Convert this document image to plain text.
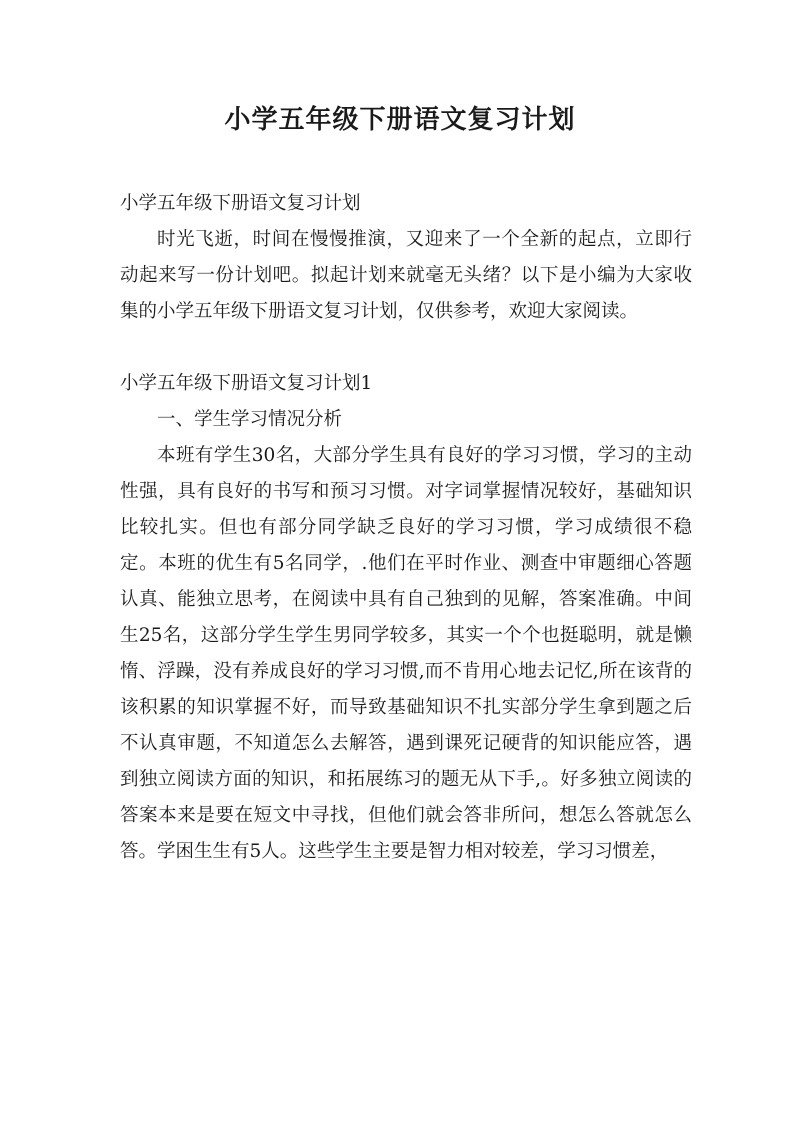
小学五年级下册语文复习计划

小学五年级下册语文复习计划

时光飞逝，时间在慢慢推演，又迎来了一个全新的起点，立即行动起来写一份计划吧。拟起计划来就毫无头绪？以下是小编为大家收集的小学五年级下册语文复习计划，仅供参考，欢迎大家阅读。

小学五年级下册语文复习计划1

一、学生学习情况分析

本班有学生30名，大部分学生具有良好的学习习惯，学习的主动性强，具有良好的书写和预习习惯。对字词掌握情况较好，基础知识比较扎实。但也有部分同学缺乏良好的学习习惯，学习成绩很不稳定。本班的优生有5名同学，.他们在平时作业、测查中审题细心答题认真、能独立思考，在阅读中具有自己独到的见解，答案准确。中间生25名，这部分学生学生男同学较多，其实一个个也挺聪明，就是懒惰、浮躁，没有养成良好的学习习惯,而不肯用心地去记忆,所在该背的该积累的知识掌握不好，而导致基础知识不扎实部分学生拿到题之后不认真审题，不知道怎么去解答，遇到课死记硬背的知识能应答，遇到独立阅读方面的知识，和拓展练习的题无从下手,。好多独立阅读的答案本来是要在短文中寻找，但他们就会答非所问，想怎么答就怎么答。学困生生有5人。这些学生主要是智力相对较差，学习习惯差，
